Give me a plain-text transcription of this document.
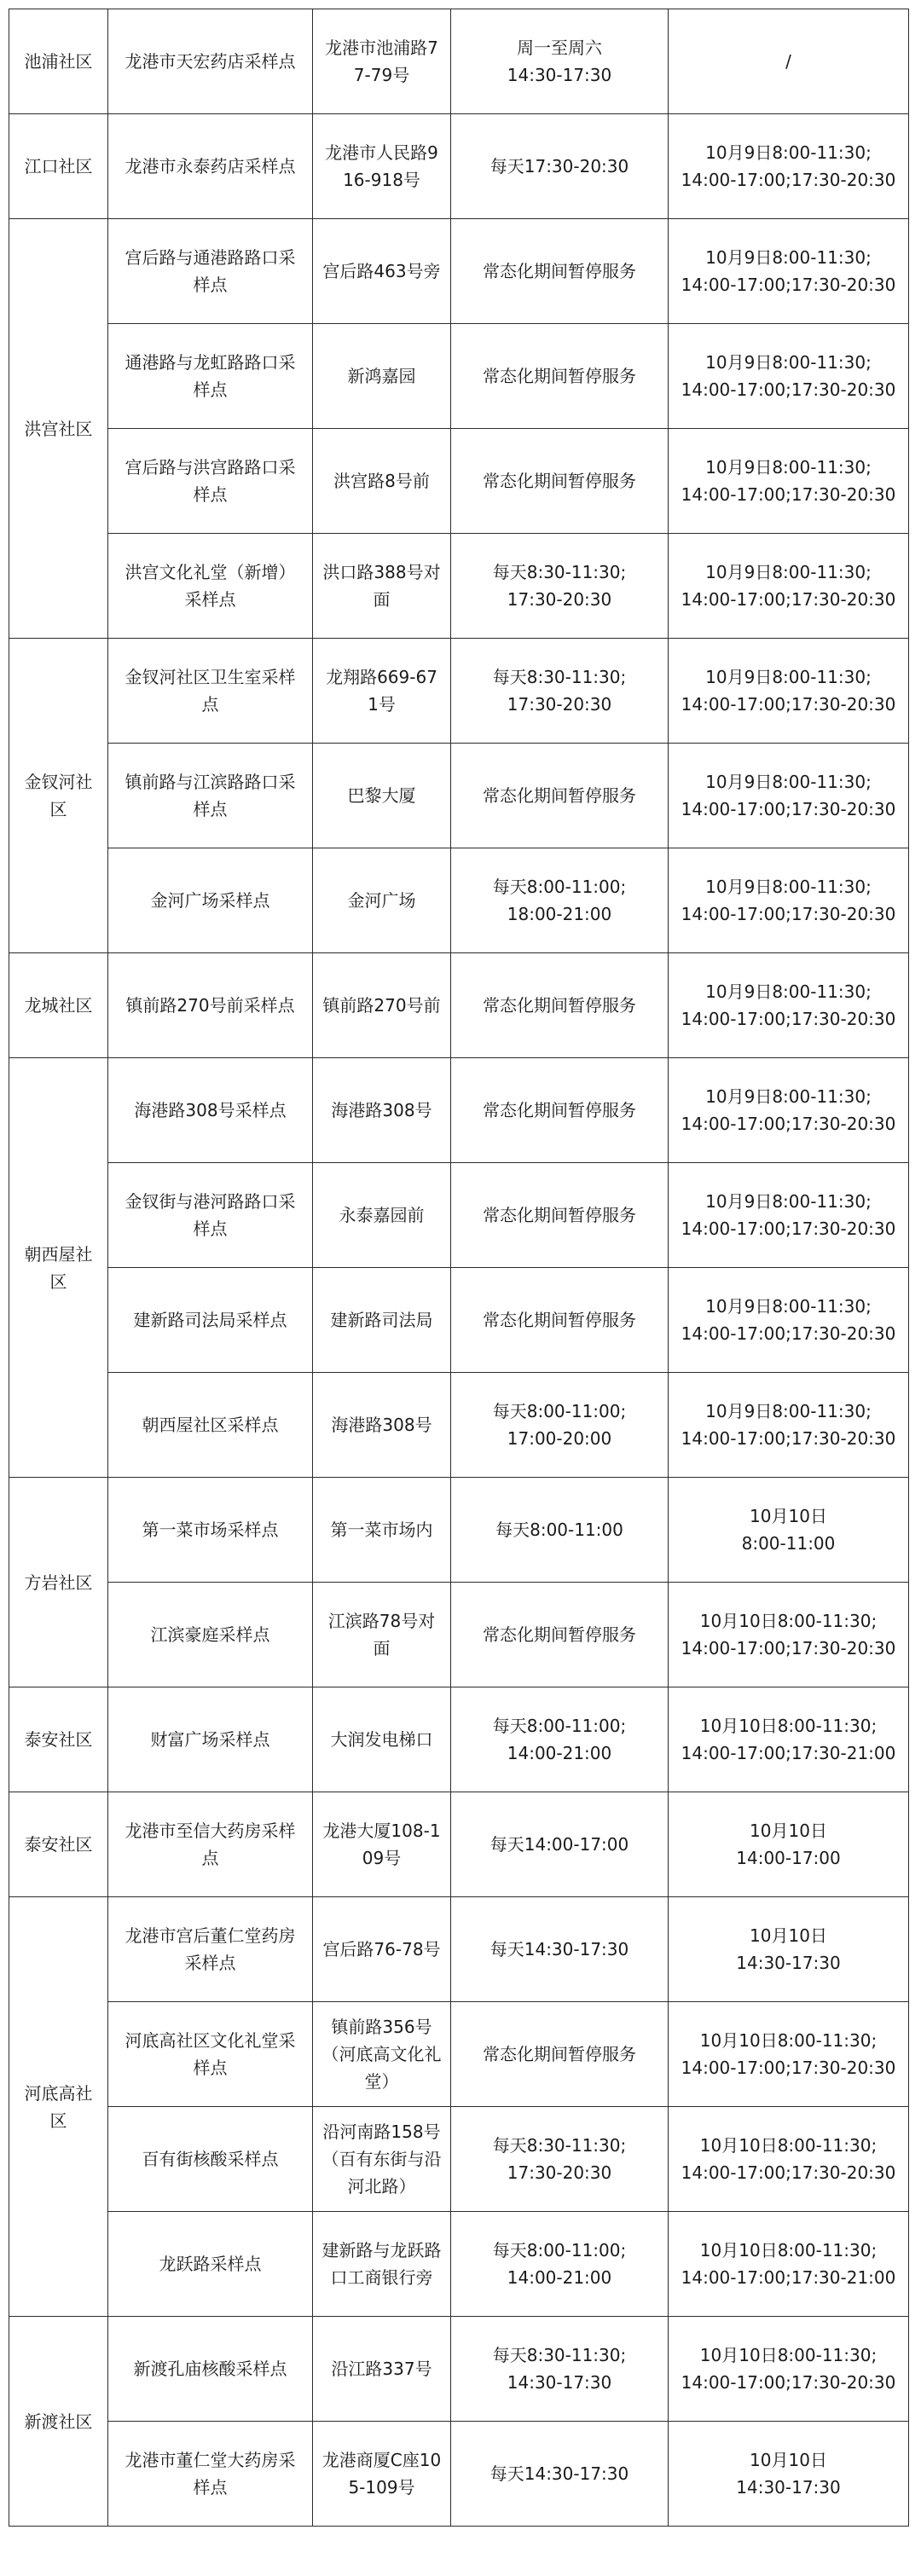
池浦社区	龙港市天宏药店采样点	龙港市池浦路77-79号	周一至周六
14:30-17:30	/

江口社区	龙港市永泰药店采样点	龙港市人民路916-918号	每天17:30-20:30	10月9日8:00-11:30;
14:00-17:00;17:30-20:30

洪宫社区	宫后路与通港路路口采样点	宫后路463号旁	常态化期间暂停服务	10月9日8:00-11:30;
14:00-17:00;17:30-20:30

	通港路与龙虹路路口采样点	新鸿嘉园	常态化期间暂停服务	10月9日8:00-11:30;
14:00-17:00;17:30-20:30

	宫后路与洪宫路路口采样点	洪宫路8号前	常态化期间暂停服务	10月9日8:00-11:30;
14:00-17:00;17:30-20:30

	洪宫文化礼堂（新增）采样点	洪口路388号对面	每天8:30-11:30;
17:30-20:30	10月9日8:00-11:30;
14:00-17:00;17:30-20:30

金钗河社区	金钗河社区卫生室采样点	龙翔路669-671号	每天8:30-11:30;
17:30-20:30	10月9日8:00-11:30;
14:00-17:00;17:30-20:30

	镇前路与江滨路路口采样点	巴黎大厦	常态化期间暂停服务	10月9日8:00-11:30;
14:00-17:00;17:30-20:30

	金河广场采样点	金河广场	每天8:00-11:00;
18:00-21:00	10月9日8:00-11:30;
14:00-17:00;17:30-20:30

龙城社区	镇前路270号前采样点	镇前路270号前	常态化期间暂停服务	10月9日8:00-11:30;
14:00-17:00;17:30-20:30

朝西屋社区	海港路308号采样点	海港路308号	常态化期间暂停服务	10月9日8:00-11:30;
14:00-17:00;17:30-20:30

	金钗街与港河路路口采样点	永泰嘉园前	常态化期间暂停服务	10月9日8:00-11:30;
14:00-17:00;17:30-20:30

	建新路司法局采样点	建新路司法局	常态化期间暂停服务	10月9日8:00-11:30;
14:00-17:00;17:30-20:30

	朝西屋社区采样点	海港路308号	每天8:00-11:00;
17:00-20:00	10月9日8:00-11:30;
14:00-17:00;17:30-20:30

方岩社区	第一菜市场采样点	第一菜市场内	每天8:00-11:00	10月10日
8:00-11:00

	江滨豪庭采样点	江滨路78号对面	常态化期间暂停服务	10月10日8:00-11:30;
14:00-17:00;17:30-20:30

泰安社区	财富广场采样点	大润发电梯口	每天8:00-11:00;
14:00-21:00	10月10日8:00-11:30;
14:00-17:00;17:30-21:00

泰安社区	龙港市至信大药房采样点	龙港大厦108-109号	每天14:00-17:00	10月10日
14:00-17:00

河底高社区	龙港市宫后董仁堂药房采样点	宫后路76-78号	每天14:30-17:30	10月10日
14:30-17:30

	河底高社区文化礼堂采样点	镇前路356号（河底高文化礼堂）	常态化期间暂停服务	10月10日8:00-11:30;
14:00-17:00;17:30-20:30

	百有街核酸采样点	沿河南路158号（百有东街与沿河北路）	每天8:30-11:30;
17:30-20:30	10月10日8:00-11:30;
14:00-17:00;17:30-20:30

	龙跃路采样点	建新路与龙跃路口工商银行旁	每天8:00-11:00;
14:00-21:00	10月10日8:00-11:30;
14:00-17:00;17:30-21:00

新渡社区	新渡孔庙核酸采样点	沿江路337号	每天8:30-11:30;
14:30-17:30	10月10日8:00-11:30;
14:00-17:00;17:30-20:30

	龙港市董仁堂大药房采样点	龙港商厦C座105-109号	每天14:30-17:30	10月10日
14:30-17:30
